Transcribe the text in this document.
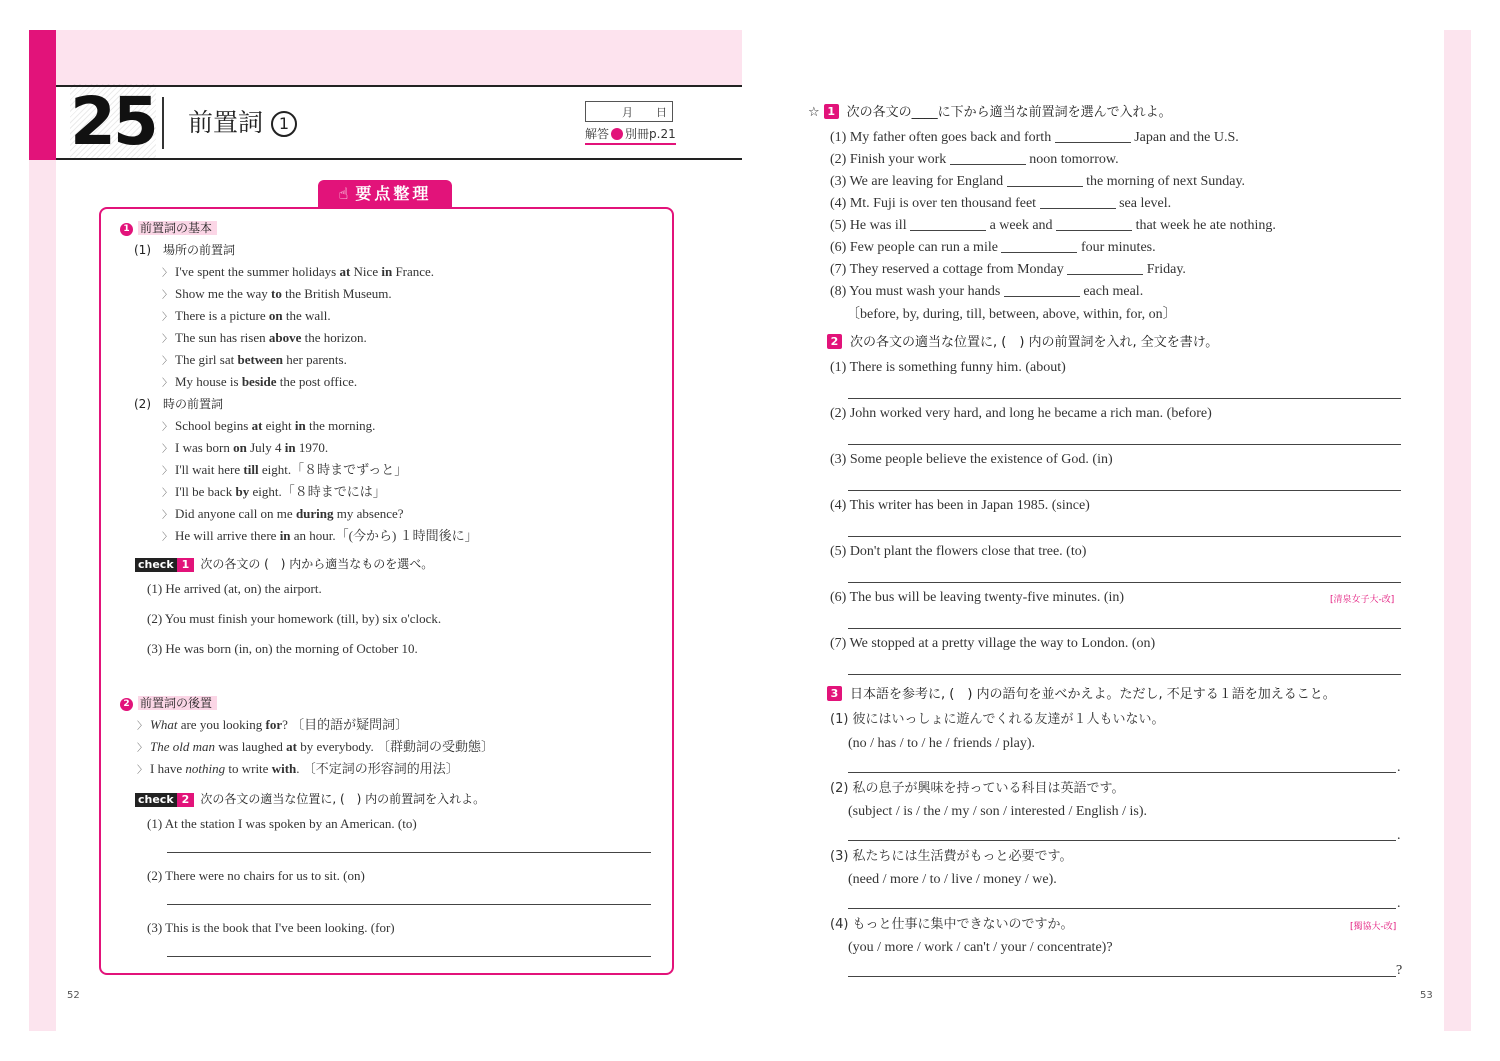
25 前置詞 1
月 日
解答 別冊p.21
☝ 要点整理
1 前置詞の基本
(1) 場所の前置詞
〉 I've spent the summer holidays at Nice in France.
〉 Show me the way to the British Museum.
〉 There is a picture on the wall.
〉 The sun has risen above the horizon.
〉 The girl sat between her parents.
〉 My house is beside the post office.
(2) 時の前置詞
〉 School begins at eight in the morning.
〉 I was born on July 4 in 1970.
〉 I'll wait here till eight.「８時までずっと」
〉 I'll be back by eight.「８時までには」
〉 Did anyone call on me during my absence?
〉 He will arrive there in an hour.「(今から) １時間後に」
check 1 次の各文の (　) 内から適当なものを選べ。
(1) He arrived (at, on) the airport.
(2) You must finish your homework (till, by) six o'clock.
(3) He was born (in, on) the morning of October 10.
2 前置詞の後置
〉 What are you looking for? 〔目的語が疑問詞〕
〉 The old man was laughed at by everybody. 〔群動詞の受動態〕
〉 I have nothing to write with. 〔不定詞の形容詞的用法〕
check 2 次の各文の適当な位置に, (　) 内の前置詞を入れよ。
(1) At the station I was spoken by an American. (to)
(2) There were no chairs for us to sit. (on)
(3) This is the book that I've been looking. (for)
52
☆ 1 次の各文の____に下から適当な前置詞を選んで入れよ。
(1) My father often goes back and forth	Japan and the U.S.
(2) Finish your work	noon tomorrow.
(3) We are leaving for England	the morning of next Sunday.
(4) Mt. Fuji is over ten thousand feet	sea level.
(5) He was ill	a week and	that week he ate nothing.
(6) Few people can run a mile	four minutes.
(7) They reserved a cottage from Monday	Friday.
(8) You must wash your hands	each meal.
〔before, by, during, till, between, above, within, for, on〕
2 次の各文の適当な位置に, (　) 内の前置詞を入れ, 全文を書け。
(1) There is something funny him. (about)
(2) John worked very hard, and long he became a rich man. (before)
(3) Some people believe the existence of God. (in)
(4) This writer has been in Japan 1985. (since)
(5) Don't plant the flowers close that tree. (to)
(6) The bus will be leaving twenty-five minutes. (in)	[清泉女子大-改]
(7) We stopped at a pretty village the way to London. (on)
3 日本語を参考に, (　) 内の語句を並べかえよ。ただし, 不足する１語を加えること。
(1) 彼にはいっしょに遊んでくれる友達が１人もいない。
(no / has / to / he / friends / play).
.
(2) 私の息子が興味を持っている科目は英語です。
(subject / is / the / my / son / interested / English / is).
.
(3) 私たちには生活費がもっと必要です。
(need / more / to / live / money / we).
.
(4) もっと仕事に集中できないのですか。	[獨協大-改]
(you / more / work / can't / your / concentrate)?
?
53
